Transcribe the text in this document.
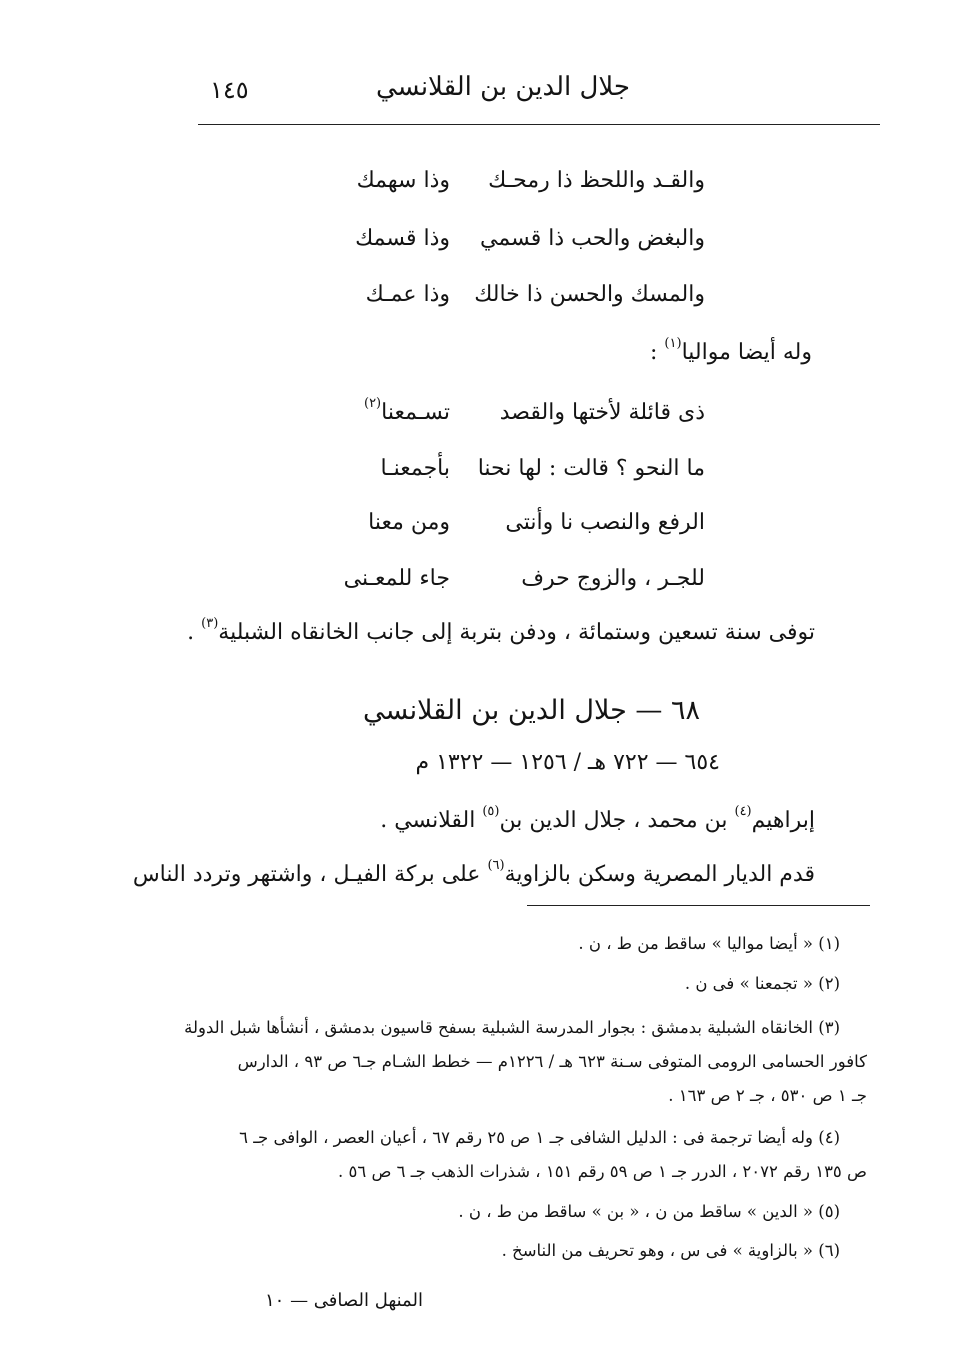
جلال الدين بن القلانسي
١٤٥
والقـد واللحظ ذا رمحـك
وذا سهمك
والبغض والحب ذا قسمي
وذا قسمك
والمسك والحسن ذا خالك
وذا عمـك
وله أيضا مواليا$^{(١)}$ :
ذى قائلة لأختها والقصد
تسـمعنا$^{(٢)}$
ما النحو ؟ قالت : لها نحنا
بأجمعنـا
الرفع والنصب نا وأنتى
ومن معنا
للجـر ، والزوج حرف
جاء للمعـنى
توفى سنة تسعين وستمائة ، ودفن بتربة إلى جانب الخانقاه الشبلية$^{(٣)}$ .
٦٨ — جلال الدين بن القلانسي
٦٥٤ — ٧٢٢ هـ / ١٢٥٦ — ١٣٢٢ م
إبراهيم$^{(٤)}$ بن محمد ، جلال الدين بن$^{(٥)}$ القلانسي .
قدم الديار المصرية وسكن بالزاوية$^{(٦)}$ على بركة الفيـل ، واشتهر وتردد الناس
(١) « أيضا مواليا » ساقط من ط ، ن .
(٢) « تجمعنا » فى ن .
(٣) الخانقاه الشبلية بدمشق : بجوار المدرسة الشبلية بسفح قاسيون بدمشق ، أنشأها شبل الدولة
كافور الحسامى الرومى المتوفى سـنة ٦٢٣ هـ / ١٢٢٦م — خطط الشـام جـ٦ ص ٩٣ ، الدارس
جـ ١ ص ٥٣٠ ، جـ ٢ ص ١٦٣ .
(٤) وله أيضا ترجمة فى : الدليل الشافى جـ ١ ص ٢٥ رقم ٦٧ ، أعيان العصر ، الوافى جـ ٦
ص ١٣٥ رقم ٢٠٧٢ ، الدرر جـ ١ ص ٥٩ رقم ١٥١ ، شذرات الذهب جـ ٦ ص ٥٦ .
(٥) « الدين » ساقط من ن ، « بن » ساقط من ط ، ن .
(٦) « بالزاوية » فى س ، وهو تحريف من الناسخ .
المنهل الصافى — ١٠
